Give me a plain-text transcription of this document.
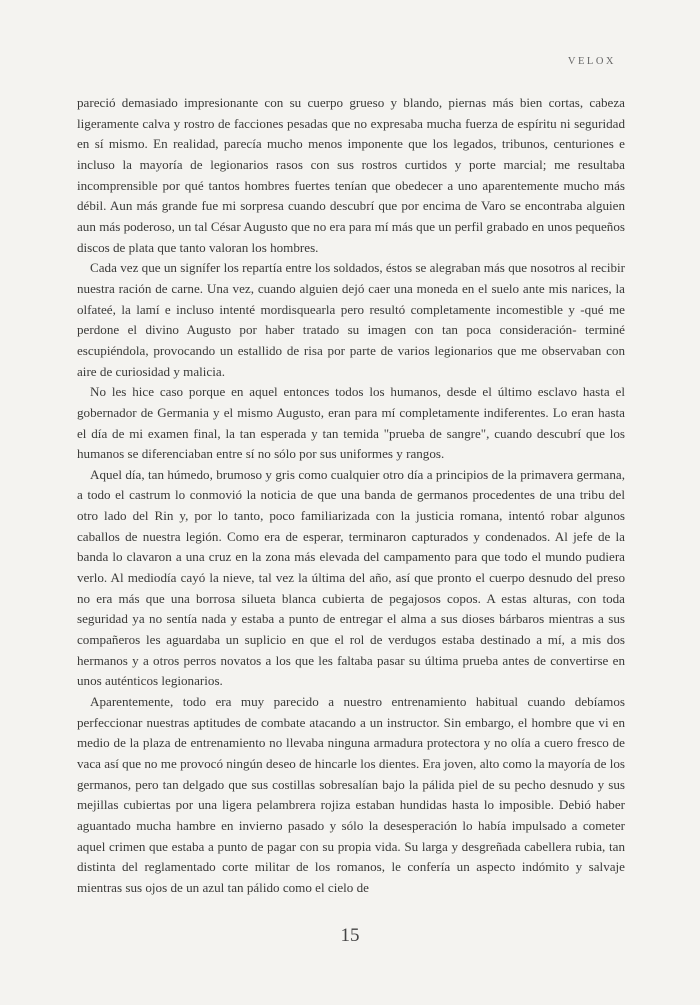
VELOX

pareció demasiado impresionante con su cuerpo grueso y blando, piernas más bien cortas, cabeza ligeramente calva y rostro de facciones pesadas que no expresaba mucha fuerza de espíritu ni seguridad en sí mismo. En realidad, parecía mucho menos imponente que los legados, tribunos, centuriones e incluso la mayoría de legionarios rasos con sus rostros curtidos y porte marcial; me resultaba incomprensible por qué tantos hombres fuertes tenían que obedecer a uno aparentemente mucho más débil. Aun más grande fue mi sorpresa cuando descubrí que por encima de Varo se encontraba alguien aun más poderoso, un tal César Augusto que no era para mí más que un perfil grabado en unos pequeños discos de plata que tanto valoran los hombres.

Cada vez que un signífer los repartía entre los soldados, éstos se alegraban más que nosotros al recibir nuestra ración de carne. Una vez, cuando alguien dejó caer una moneda en el suelo ante mis narices, la olfateé, la lamí e incluso intenté mordisquearla pero resultó completamente incomestible y -qué me perdone el divino Augusto por haber tratado su imagen con tan poca consideración- terminé escupiéndola, provocando un estallido de risa por parte de varios legionarios que me observaban con aire de curiosidad y malicia.

No les hice caso porque en aquel entonces todos los humanos, desde el último esclavo hasta el gobernador de Germania y el mismo Augusto, eran para mí completamente indiferentes. Lo eran hasta el día de mi examen final, la tan esperada y tan temida "prueba de sangre", cuando descubrí que los humanos se diferenciaban entre sí no sólo por sus uniformes y rangos.

Aquel día, tan húmedo, brumoso y gris como cualquier otro día a principios de la primavera germana, a todo el castrum lo conmovió la noticia de que una banda de germanos procedentes de una tribu del otro lado del Rin y, por lo tanto, poco familiarizada con la justicia romana, intentó robar algunos caballos de nuestra legión. Como era de esperar, terminaron capturados y condenados. Al jefe de la banda lo clavaron a una cruz en la zona más elevada del campamento para que todo el mundo pudiera verlo. Al mediodía cayó la nieve, tal vez la última del año, así que pronto el cuerpo desnudo del preso no era más que una borrosa silueta blanca cubierta de pegajosos copos. A estas alturas, con toda seguridad ya no sentía nada y estaba a punto de entregar el alma a sus dioses bárbaros mientras a sus compañeros les aguardaba un suplicio en que el rol de verdugos estaba destinado a mí, a mis dos hermanos y a otros perros novatos a los que les faltaba pasar su última prueba antes de convertirse en unos auténticos legionarios.

Aparentemente, todo era muy parecido a nuestro entrenamiento habitual cuando debíamos perfeccionar nuestras aptitudes de combate atacando a un instructor. Sin embargo, el hombre que vi en medio de la plaza de entrenamiento no llevaba ninguna armadura protectora y no olía a cuero fresco de vaca así que no me provocó ningún deseo de hincarle los dientes. Era joven, alto como la mayoría de los germanos, pero tan delgado que sus costillas sobresalían bajo la pálida piel de su pecho desnudo y sus mejillas cubiertas por una ligera pelambrera rojiza estaban hundidas hasta lo imposible. Debió haber aguantado mucha hambre en invierno pasado y sólo la desesperación lo había impulsado a cometer aquel crimen que estaba a punto de pagar con su propia vida. Su larga y desgreñada cabellera rubia, tan distinta del reglamentado corte militar de los romanos, le confería un aspecto indómito y salvaje mientras sus ojos de un azul tan pálido como el cielo de

15
